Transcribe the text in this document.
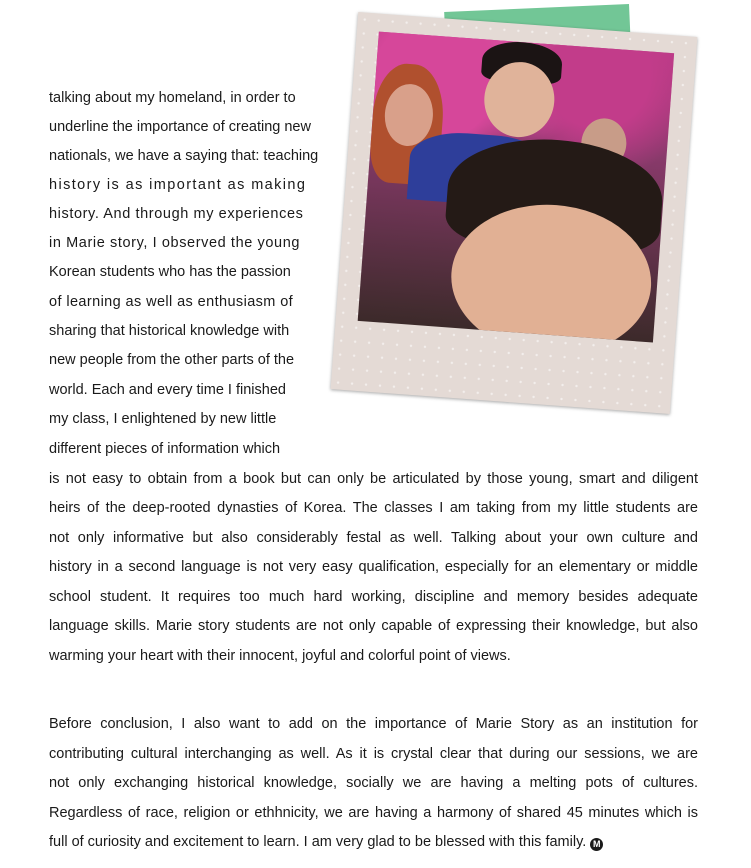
talking about my homeland, in order to

underline the importance of creating new

nationals, we have a saying that: teaching

history is as important as making

history. And through my experiences

in Marie story, I observed the young

Korean students who has the passion

of learning as well as enthusiasm of

sharing that historical knowledge with

new people from the other parts of the

world. Each and every time I finished

my class, I enlightened by new little

different pieces of information which

is not easy to obtain from a book but can only be articulated by those young, smart and diligent

heirs of the deep-rooted dynasties of Korea. The classes I am taking from my little students are

not only informative but also considerably festal as well. Talking about your own culture and

history in a second language is not very easy qualification, especially for an elementary or middle

school student. It requires too much hard working, discipline and memory besides adequate

language skills. Marie story students are not only capable of expressing their knowledge, but also

warming your heart with their innocent, joyful and colorful point of views.

Before conclusion, I also want to add on the importance of Marie Story as an institution for

contributing cultural interchanging as well. As it is crystal clear that during our sessions, we are

not only exchanging historical knowledge, socially we are having a melting pots of cultures.

Regardless of race, religion or ethhnicity, we are having a harmony of shared 45 minutes which is

full of curiosity and excitement to learn. I am very glad to be blessed with this family. M
